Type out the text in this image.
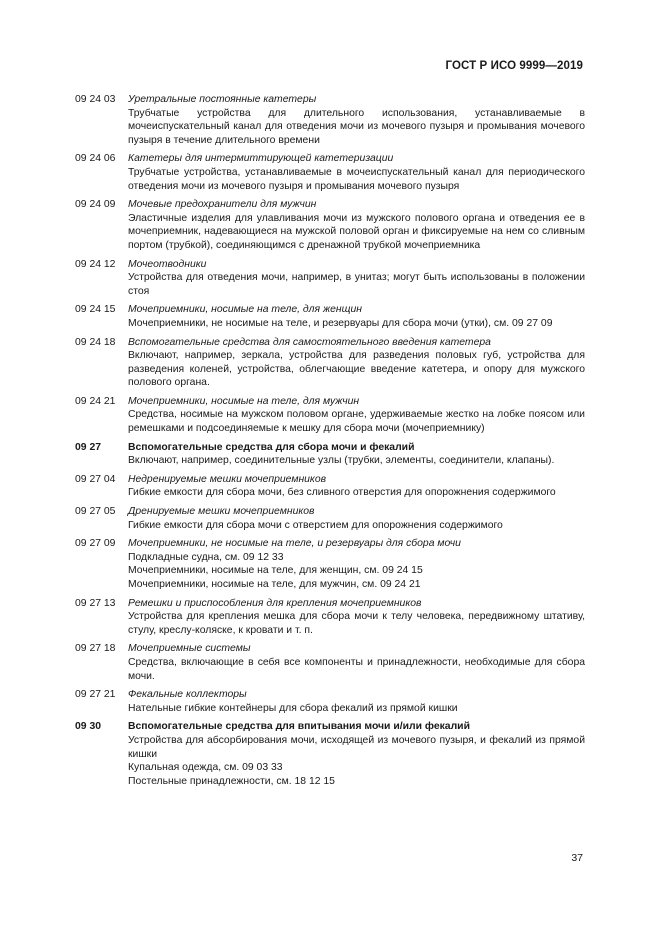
ГОСТ Р ИСО 9999—2019
09 24 03	Уретральные постоянные катетеры
Трубчатые устройства для длительного использования, устанавливаемые в мочеиспускательный канал для отведения мочи из мочевого пузыря и промывания мочевого пузыря в течение длительного времени
09 24 06	Катетеры для интермиттирующей катетеризации
Трубчатые устройства, устанавливаемые в мочеиспускательный канал для периодического отведения мочи из мочевого пузыря и промывания мочевого пузыря
09 24 09	Мочевые предохранители для мужчин
Эластичные изделия для улавливания мочи из мужского полового органа и отведения ее в мочеприемник, надевающиеся на мужской половой орган и фиксируемые на нем со сливным портом (трубкой), соединяющимся с дренажной трубкой мочеприемника
09 24 12	Мочеотводники
Устройства для отведения мочи, например, в унитаз; могут быть использованы в положении стоя
09 24 15	Мочеприемники, носимые на теле, для женщин
Мочеприемники, не носимые на теле, и резервуары для сбора мочи (утки), см. 09 27 09
09 24 18	Вспомогательные средства для самостоятельного введения катетера
Включают, например, зеркала, устройства для разведения половых губ, устройства для разведения коленей, устройства, облегчающие введение катетера, и опору для мужского полового органа.
09 24 21	Мочеприемники, носимые на теле, для мужчин
Средства, носимые на мужском половом органе, удерживаемые жестко на лобке поясом или ремешками и подсоединяемые к мешку для сбора мочи (мочеприемнику)
09 27	Вспомогательные средства для сбора мочи и фекалий
Включают, например, соединительные узлы (трубки, элементы, соединители, клапаны).
09 27 04	Недренируемые мешки мочеприемников
Гибкие емкости для сбора мочи, без сливного отверстия для опорожнения содержимого
09 27 05	Дренируемые мешки мочеприемников
Гибкие емкости для сбора мочи с отверстием для опорожнения содержимого
09 27 09	Мочеприемники, не носимые на теле, и резервуары для сбора мочи
Подкладные судна, см. 09 12 33
Мочеприемники, носимые на теле, для женщин, см. 09 24 15
Мочеприемники, носимые на теле, для мужчин, см. 09 24 21
09 27 13	Ремешки и приспособления для крепления мочеприемников
Устройства для крепления мешка для сбора мочи к телу человека, передвижному штативу, стулу, креслу-коляске, к кровати и т. п.
09 27 18	Мочеприемные системы
Средства, включающие в себя все компоненты и принадлежности, необходимые для сбора мочи.
09 27 21	Фекальные коллекторы
Нательные гибкие контейнеры для сбора фекалий из прямой кишки
09 30	Вспомогательные средства для впитывания мочи и/или фекалий
Устройства для абсорбирования мочи, исходящей из мочевого пузыря, и фекалий из прямой кишки
Купальная одежда, см. 09 03 33
Постельные принадлежности, см. 18 12 15
37
